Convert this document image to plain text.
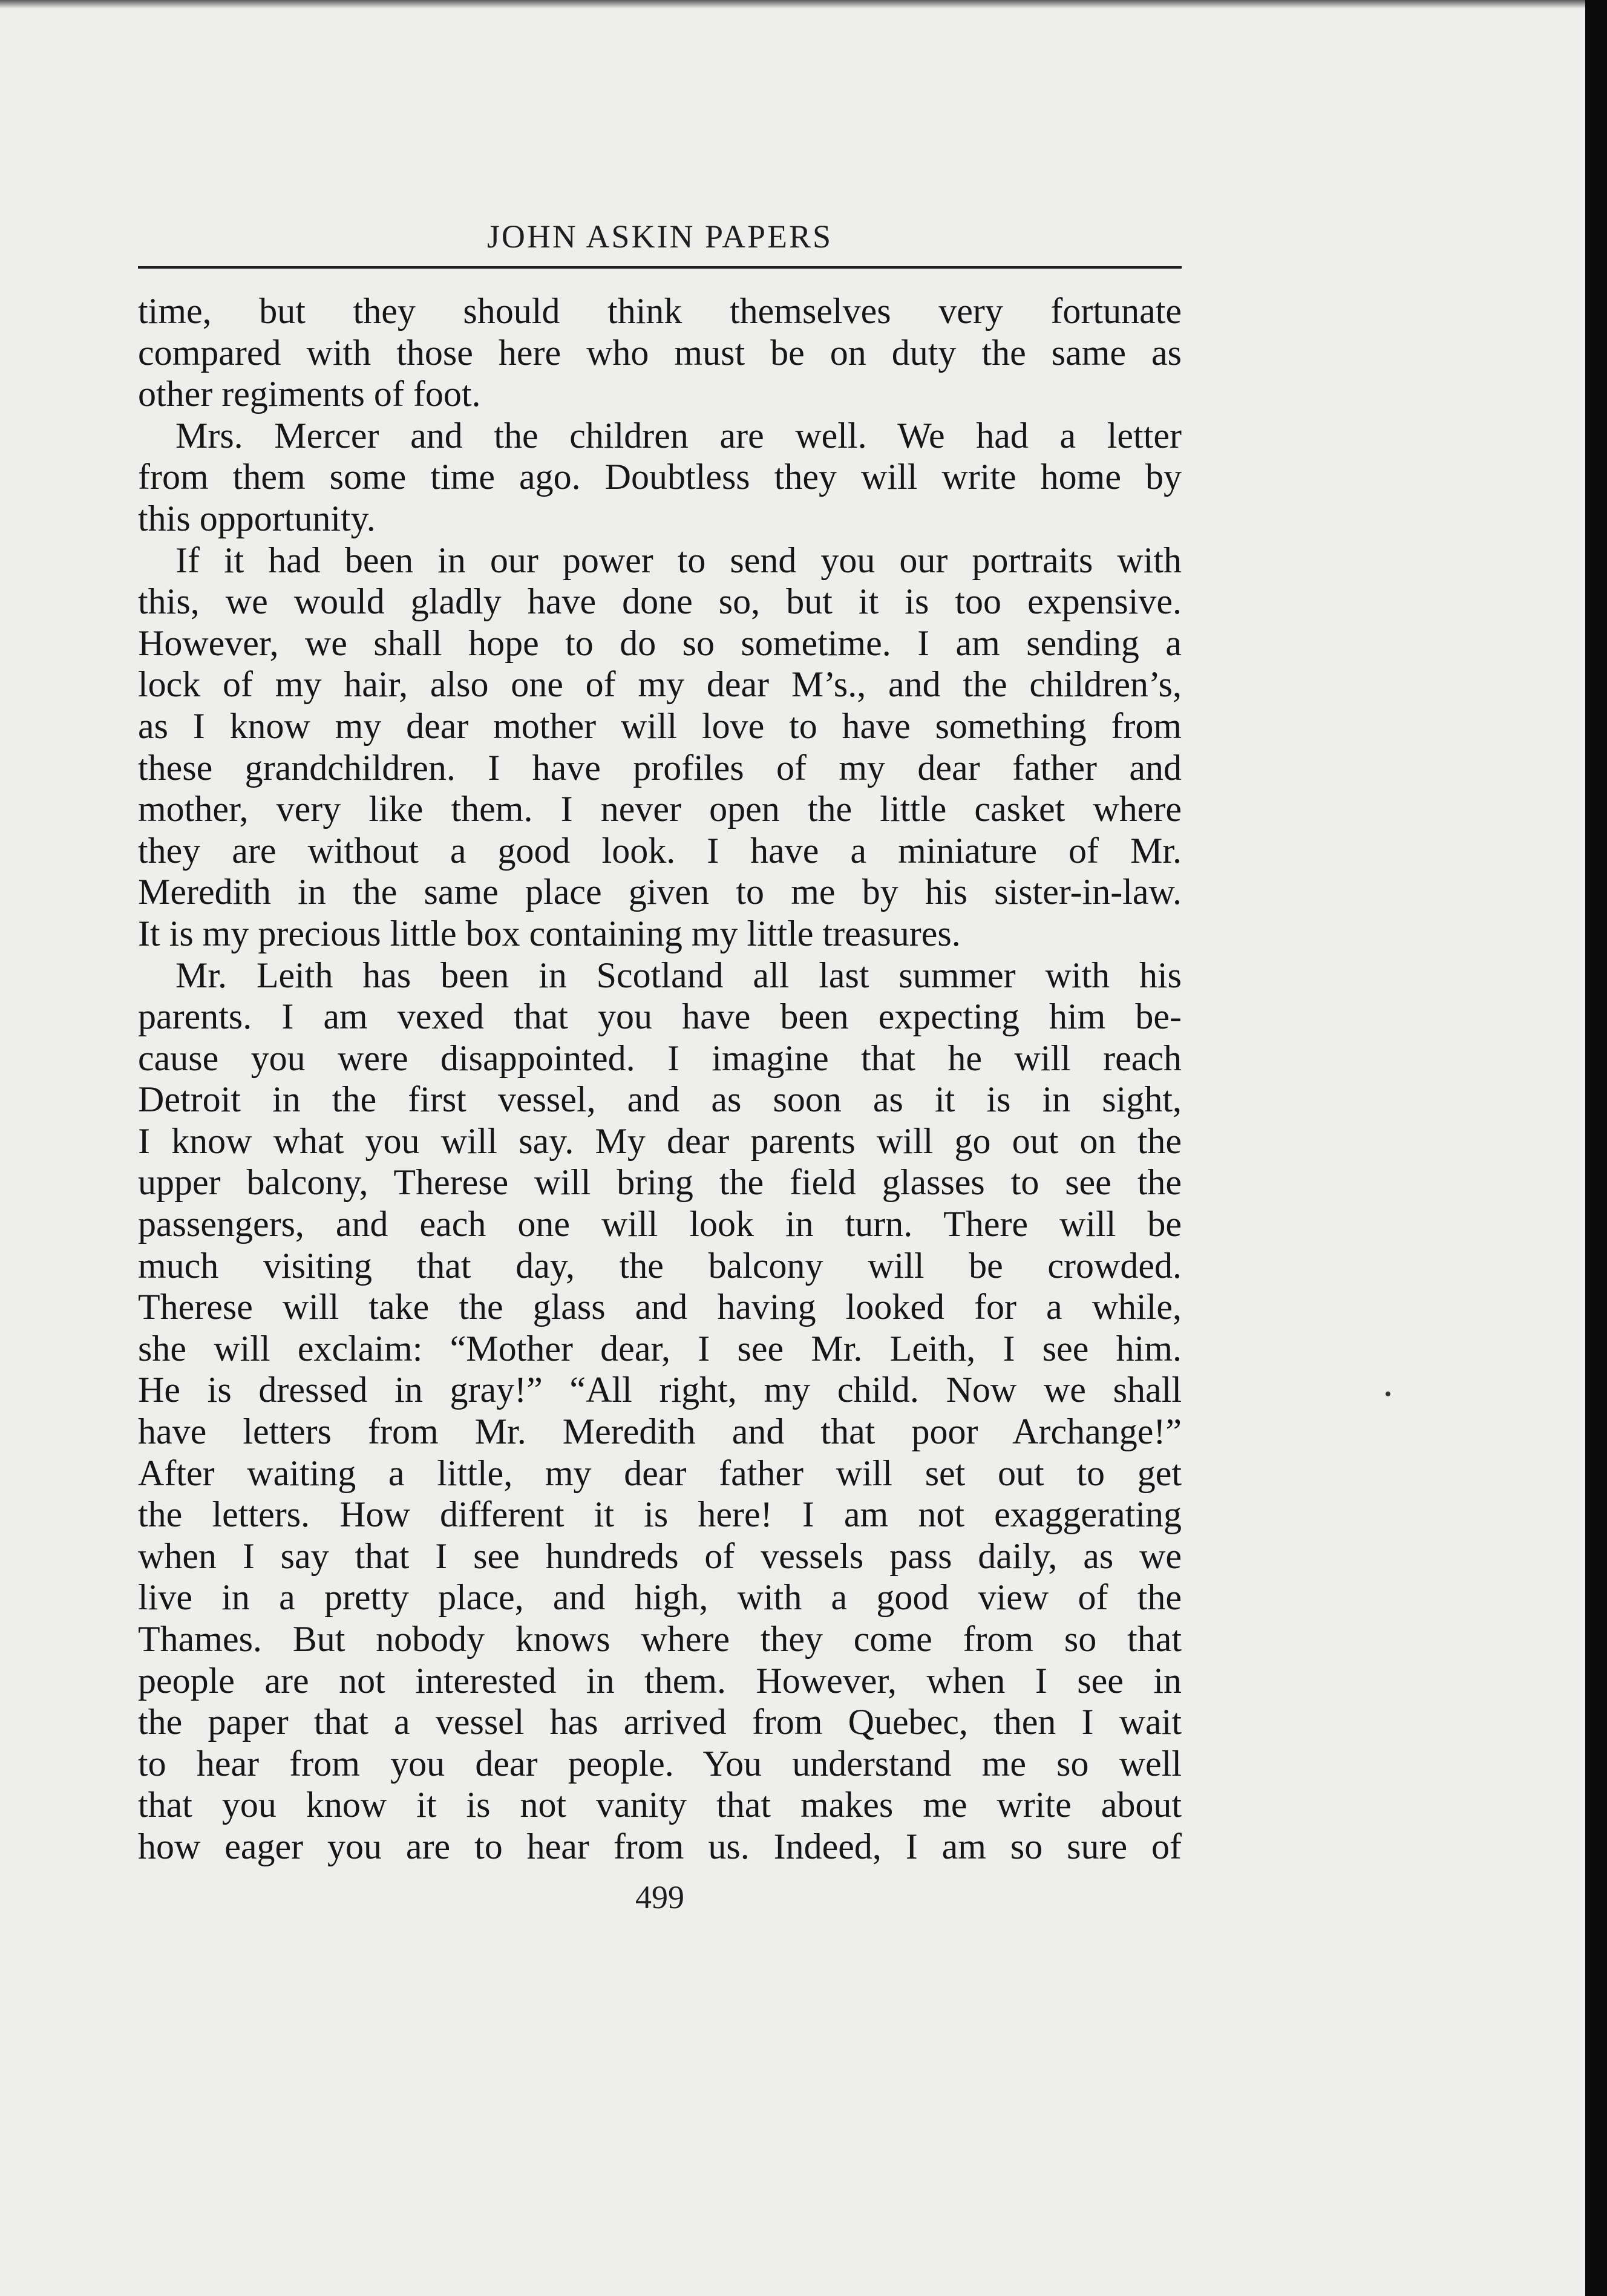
JOHN ASKIN PAPERS

time, but they should think themselves very fortunate

compared with those here who must be on duty the same as

other regiments of foot.

Mrs. Mercer and the children are well. We had a letter

from them some time ago. Doubtless they will write home by

this opportunity.

If it had been in our power to send you our portraits with

this, we would gladly have done so, but it is too expensive.

However, we shall hope to do so sometime. I am sending a

lock of my hair, also one of my dear M’s., and the children’s,

as I know my dear mother will love to have something from

these grandchildren. I have profiles of my dear father and

mother, very like them. I never open the little casket where

they are without a good look. I have a miniature of Mr.

Meredith in the same place given to me by his sister-in-law.

It is my precious little box containing my little treasures.

Mr. Leith has been in Scotland all last summer with his

parents. I am vexed that you have been expecting him be-

cause you were disappointed. I imagine that he will reach

Detroit in the first vessel, and as soon as it is in sight,

I know what you will say. My dear parents will go out on the

upper balcony, Therese will bring the field glasses to see the

passengers, and each one will look in turn. There will be

much visiting that day, the balcony will be crowded.

Therese will take the glass and having looked for a while,

she will exclaim: “Mother dear, I see Mr. Leith, I see him.

He is dressed in gray!” “All right, my child. Now we shall

have letters from Mr. Meredith and that poor Archange!”

After waiting a little, my dear father will set out to get

the letters. How different it is here! I am not exaggerating

when I say that I see hundreds of vessels pass daily, as we

live in a pretty place, and high, with a good view of the

Thames. But nobody knows where they come from so that

people are not interested in them. However, when I see in

the paper that a vessel has arrived from Quebec, then I wait

to hear from you dear people. You understand me so well

that you know it is not vanity that makes me write about

how eager you are to hear from us. Indeed, I am so sure of

499
